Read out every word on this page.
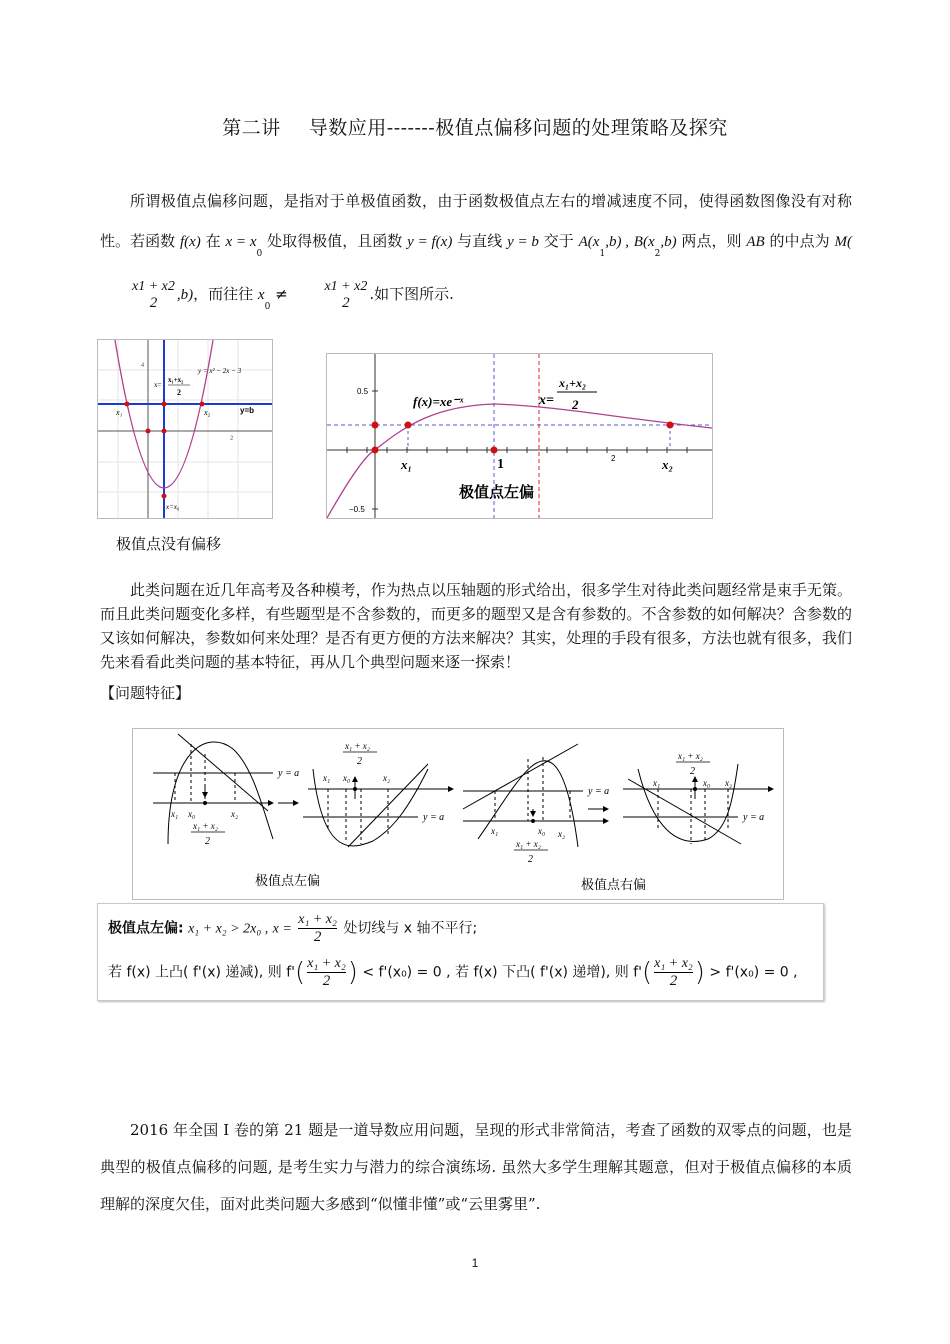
第二讲 导数应用-------极值点偏移问题的处理策略及探究
所谓极值点偏移问题，是指对于单极值函数，由于函数极值点左右的增减速度不同，使得函数图像没有对称性。若函数 f(x) 在 $x = x_0$ 处取得极值，且函数 y = f(x) 与直线 y = b 交于 $A(x_1,b)$ , $B(x_2,b)$ 两点，则 AB 的中点为 M(
x1 + x2
2	,b)，而往往 $x_0$ ≠	x1 + x2
2	.如下图所示.
y = x² − 2x − 3
x₁+x₂
2
x=
y=b
x₁	x₂
x=x₀
4
2
极值点没有偏移
0.5
−0.5
f(x)=xe⁻ˣ	x=
x₁+x₂
2
x₁	x₂
1	2
极值点左偏
此类问题在近几年高考及各种模考，作为热点以压轴题的形式给出，很多学生对待此类问题经常是束手无策。而且此类问题变化多样，有些题型是不含参数的，而更多的题型又是含有参数的。不含参数的如何解决？含参数的又该如何解决，参数如何来处理？是否有更方便的方法来解决？其实，处理的手段有很多，方法也就有很多，我们先来看看此类问题的基本特征，再从几个典型问题来逐一探索！
【问题特征】
y = a
x₁ x₀	x₂
x₁ + x₂
2
x₁ + x₂
2
x₁ x₀	x₂
y = a
y = a
x₁	x₀ x₂
x₁ + x₂
2
x₁ + x₂
2
x₁	x₀ x₂
y = a
极值点左偏	极值点右偏
极值点左偏: x₁ + x₂ > 2x₀ , $x = \frac{\text{x₁ + x₂}}{2}$ 处切线与 x 轴不平行;
若 f(x) 上凸( f'(x) 递减), 则 $f'( \frac{\text{x₁ + x₂}}{2}$ ) < f'(x₀) = 0 , 若 f(x) 下凸( f'(x) 递增), 则 $f'( \frac{\text{x₁ + x₂}}{2}$ ) > f'(x₀) = 0 ,
2016 年全国 I 卷的第 21 题是一道导数应用问题，呈现的形式非常简洁，考查了函数的双零点的问题，也是典型的极值点偏移的问题, 是考生实力与潜力的综合演练场. 虽然大多学生理解其题意，但对于极值点偏移的本质理解的深度欠佳，面对此类问题大多感到“似懂非懂”或“云里雾里”.
1
